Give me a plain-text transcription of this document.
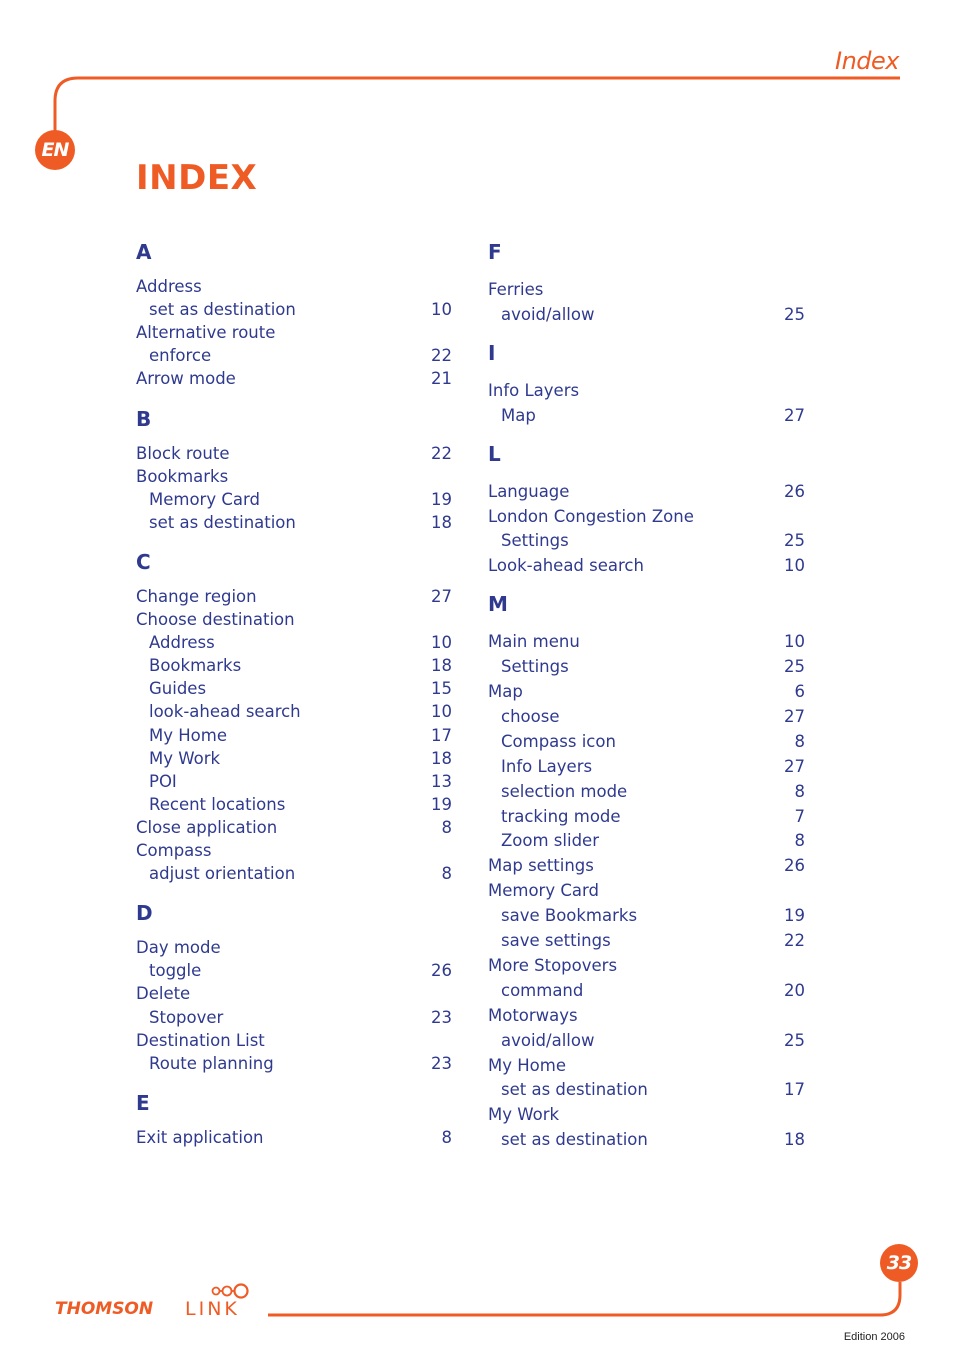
Index
EN
INDEX
A
Address
set as destination	10
Alternative route
enforce	22
Arrow mode	21
B
Block route	22
Bookmarks
Memory Card	19
set as destination	18
C
Change region	27
Choose destination
Address	10
Bookmarks	18
Guides	15
look-ahead search	10
My Home	17
My Work	18
POI	13
Recent locations	19
Close application	8
Compass
adjust orientation	8
D
Day mode
toggle	26
Delete
Stopover	23
Destination List
Route planning	23
E
Exit application	8
F
Ferries
avoid/allow	25
I
Info Layers
Map	27
L
Language	26
London Congestion Zone
Settings	25
Look-ahead search	10
M
Main menu	10
Settings	25
Map	6
choose	27
Compass icon	8
Info Layers	27
selection mode	8
tracking mode	7
Zoom slider	8
Map settings	26
Memory Card
save Bookmarks	19
save settings	22
More Stopovers
command	20
Motorways
avoid/allow	25
My Home
set as destination	17
My Work
set as destination	18
33
THOMSON LINK
Edition 2006
